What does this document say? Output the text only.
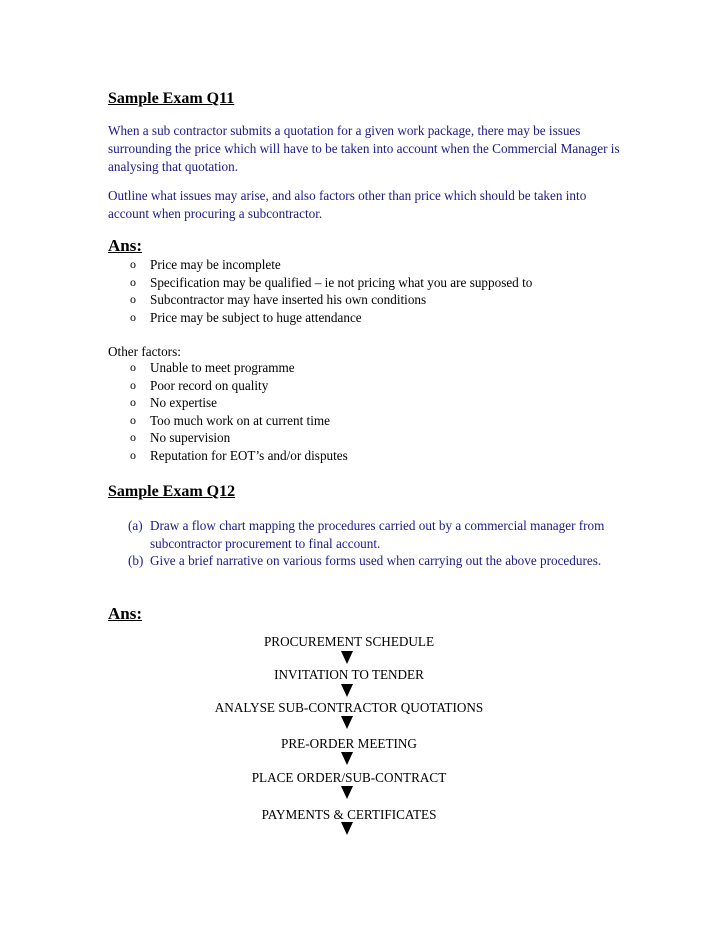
Sample Exam Q11

When a sub contractor submits a quotation for a given work package, there may be issues surrounding the price which will have to be taken into account when the Commercial Manager is analysing that quotation.

Outline what issues may arise, and also factors other than price which should be taken into account when procuring a subcontractor.

Ans:
o Price may be incomplete
o Specification may be qualified – ie not pricing what you are supposed to
o Subcontractor may have inserted his own conditions
o Price may be subject to huge attendance
Other factors:
o Unable to meet programme
o Poor record on quality
o No expertise
o Too much work on at current time
o No supervision
o Reputation for EOT’s and/or disputes
Sample Exam Q12
(a) Draw a flow chart mapping the procedures carried out by a commercial manager from subcontractor procurement to final account.
(b) Give a brief narrative on various forms used when carrying out the above procedures.
Ans:
PROCUREMENT SCHEDULE
INVITATION TO TENDER
ANALYSE SUB-CONTRACTOR QUOTATIONS
PRE-ORDER MEETING
PLACE ORDER/SUB-CONTRACT
PAYMENTS & CERTIFICATES
